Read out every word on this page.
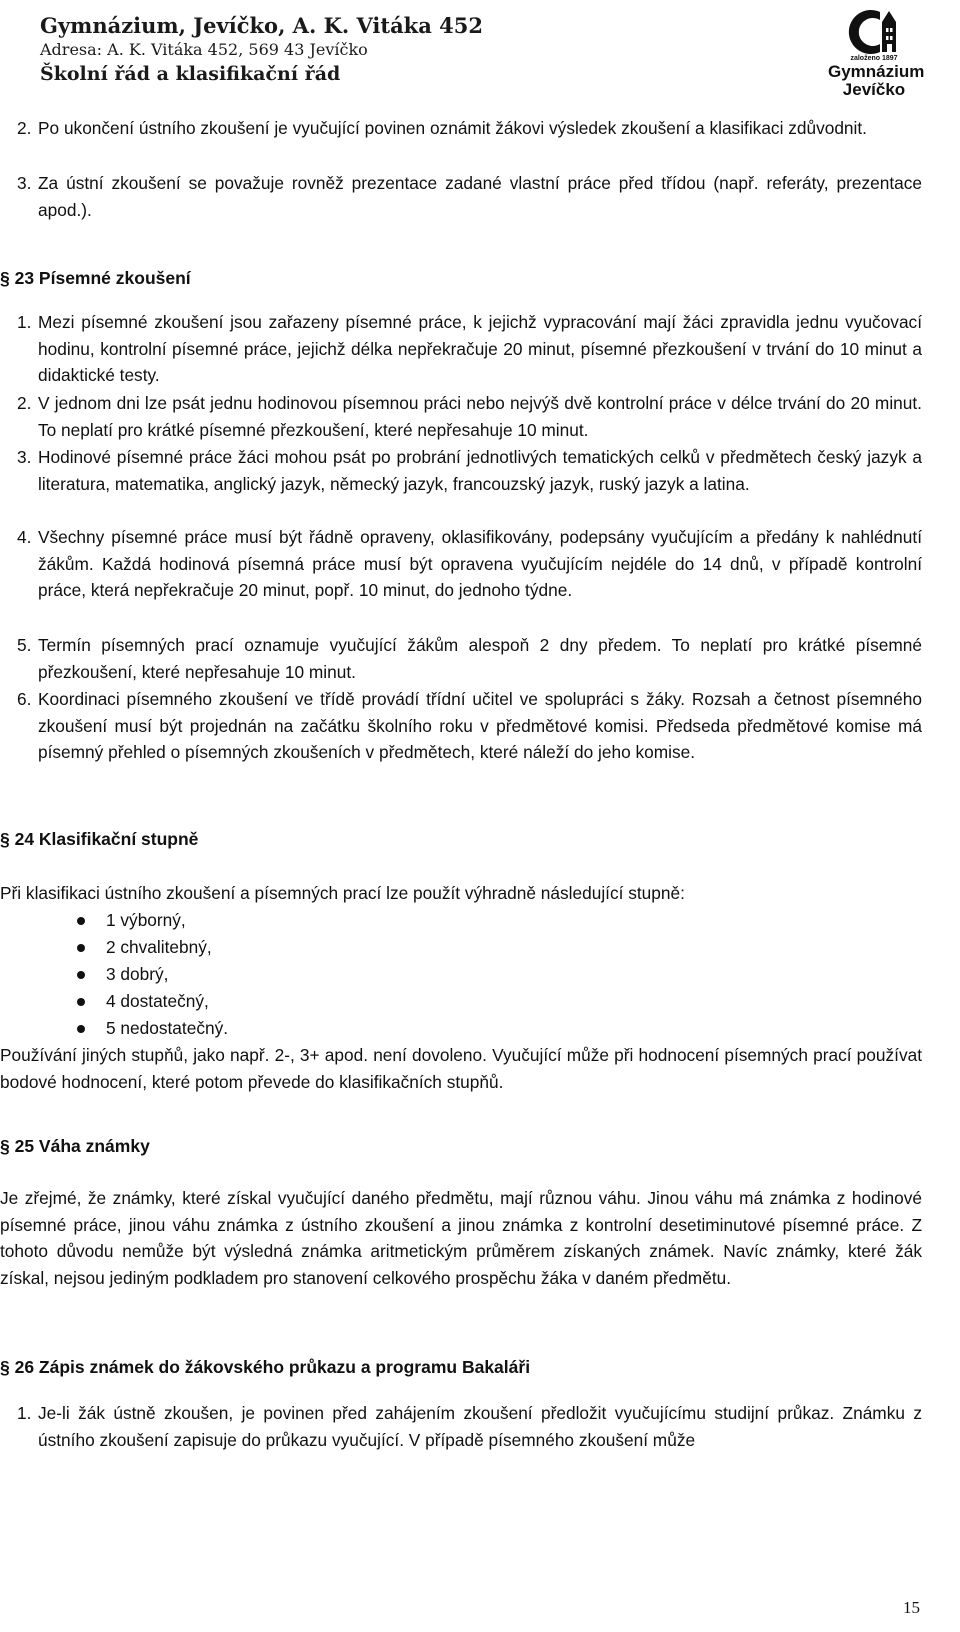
Gymnázium, Jevíčko, A. K. Vitáka 452
Adresa: A. K. Vitáka 452, 569 43 Jevíčko
Školní řád a klasifikační řád
založeno 1897
Gymnázium
Jevíčko
2. Po ukončení ústního zkoušení je vyučující povinen oznámit žákovi výsledek zkoušení a klasifikaci zdůvodnit.
3. Za ústní zkoušení se považuje rovněž prezentace zadané vlastní práce před třídou (např. referáty, prezentace apod.).
§ 23 Písemné zkoušení
1. Mezi písemné zkoušení jsou zařazeny písemné práce, k jejichž vypracování mají žáci zpravidla jednu vyučovací hodinu, kontrolní písemné práce, jejichž délka nepřekračuje 20 minut, písemné přezkoušení v trvání do 10 minut a didaktické testy.
2. V jednom dni lze psát jednu hodinovou písemnou práci nebo nejvýš dvě kontrolní práce v délce trvání do 20 minut. To neplatí pro krátké písemné přezkoušení, které nepřesahuje 10 minut.
3. Hodinové písemné práce žáci mohou psát po probrání jednotlivých tematických celků v předmětech český jazyk a literatura, matematika, anglický jazyk, německý jazyk, francouzský jazyk, ruský jazyk a latina.
4. Všechny písemné práce musí být řádně opraveny, oklasifikovány, podepsány vyučujícím a předány k nahlédnutí žákům. Každá hodinová písemná práce musí být opravena vyučujícím nejdéle do 14 dnů, v případě kontrolní práce, která nepřekračuje 20 minut, popř. 10 minut, do jednoho týdne.
5. Termín písemných prací oznamuje vyučující žákům alespoň 2 dny předem. To neplatí pro krátké písemné přezkoušení, které nepřesahuje 10 minut.
6. Koordinaci písemného zkoušení ve třídě provádí třídní učitel ve spolupráci s žáky. Rozsah a četnost písemného zkoušení musí být projednán na začátku školního roku v předmětové komisi. Předseda předmětové komise má písemný přehled o písemných zkoušeních v předmětech, které náleží do jeho komise.
§ 24 Klasifikační stupně
Při klasifikaci ústního zkoušení a písemných prací lze použít výhradně následující stupně:
1 výborný,
2 chvalitebný,
3 dobrý,
4 dostatečný,
5 nedostatečný.
Používání jiných stupňů, jako např. 2-, 3+ apod. není dovoleno. Vyučující může při hodnocení písemných prací používat bodové hodnocení, které potom převede do klasifikačních stupňů.
§ 25 Váha známky
Je zřejmé, že známky, které získal vyučující daného předmětu, mají různou váhu. Jinou váhu má známka z hodinové písemné práce, jinou váhu známka z ústního zkoušení a jinou známka z kontrolní desetiminutové písemné práce. Z tohoto důvodu nemůže být výsledná známka aritmetickým průměrem získaných známek. Navíc známky, které žák získal, nejsou jediným podkladem pro stanovení celkového prospěchu žáka v daném předmětu.
§ 26 Zápis známek do žákovského průkazu a programu Bakaláři
1. Je-li žák ústně zkoušen, je povinen před zahájením zkoušení předložit vyučujícímu studijní průkaz. Známku z ústního zkoušení zapisuje do průkazu vyučující. V případě písemného zkoušení může
15
